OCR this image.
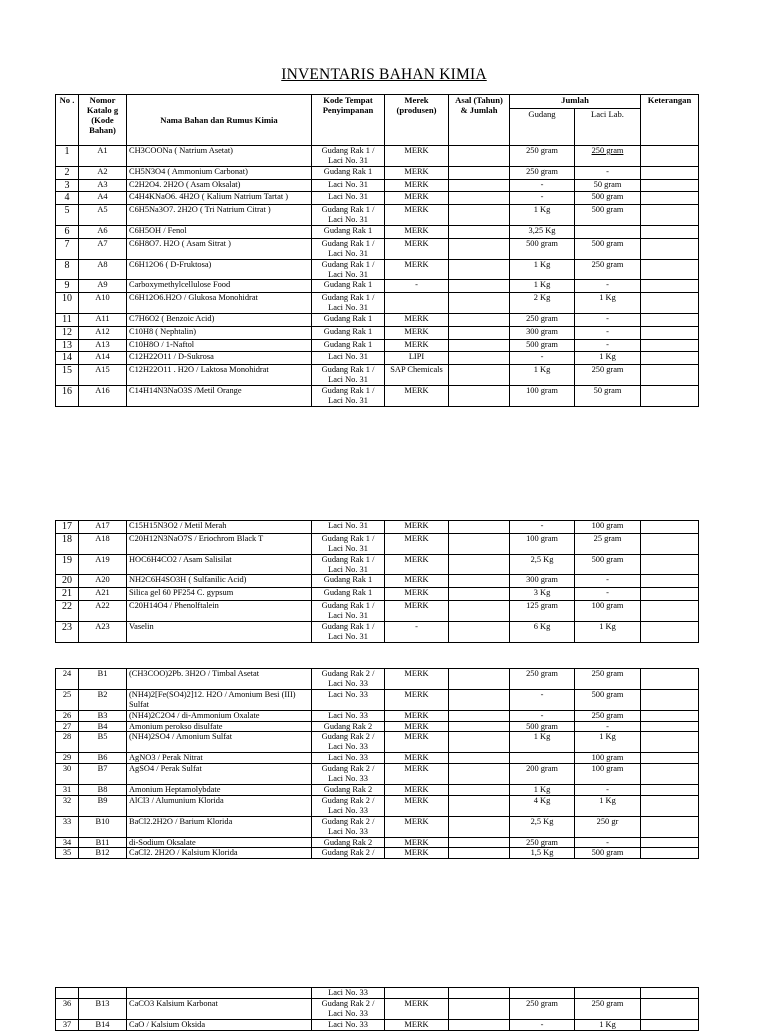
INVENTARIS BAHAN KIMIA
No .	Nomor Katalo g (Kode Bahan)	Nama Bahan dan Rumus Kimia	Kode Tempat Penyimpanan	Merek (produsen)	Asal (Tahun) & Jumlah	Jumlah		Keterangan
						Gudang	Laci Lab.	
1	A1	CH3COONa ( Natrium Asetat)	Gudang Rak 1 / Laci No. 31	MERK		250 gram	250 gram	
2	A2	CH5N3O4 ( Ammonium Carbonat)	Gudang Rak 1	MERK		250 gram	-	
3	A3	C2H2O4. 2H2O ( Asam Oksalat)	Laci No. 31	MERK		-	50 gram	
4	A4	C4H4KNaO6. 4H2O ( Kalium Natrium Tartat )	Laci No. 31	MERK		-	500 gram	
5	A5	C6H5Na3O7. 2H2O ( Tri Natrium Citrat )	Gudang Rak 1 / Laci No. 31	MERK		1 Kg	500 gram	
6	A6	C6H5OH / Fenol	Gudang Rak 1	MERK		3,25 Kg		
7	A7	C6H8O7. H2O ( Asam Sitrat )	Gudang Rak 1 / Laci No. 31	MERK		500 gram	500 gram	
8	A8	C6H12O6 ( D-Fruktosa)	Gudang Rak 1 / Laci No. 31	MERK		1 Kg	250 gram	
9	A9	Carboxymethylcellulose Food	Gudang Rak 1	-		1 Kg	-	
10	A10	C6H12O6.H2O / Glukosa Monohidrat	Gudang Rak 1 / Laci No. 31			2 Kg	1 Kg	
11	A11	C7H6O2 ( Benzoic Acid)	Gudang Rak 1	MERK		250 gram	-	
12	A12	C10H8 ( Nephtalin)	Gudang Rak 1	MERK		300 gram	-	
13	A13	C10H8O / 1-Naftol	Gudang Rak 1	MERK		500 gram	-	
14	A14	C12H22O11 / D-Sukrosa	Laci No. 31	LIPI		-	1 Kg	
15	A15	C12H22O11 . H2O / Laktosa Monohidrat	Gudang Rak 1 / Laci No. 31	SAP Chemicals		1 Kg	250 gram	
16	A16	C14H14N3NaO3S /Metil Orange	Gudang Rak 1 / Laci No. 31	MERK		100 gram	50 gram	
17	A17	C15H15N3O2 / Metil Merah	Laci No. 31	MERK		-	100 gram	
18	A18	C20H12N3NaO7S / Eriochrom Black T	Gudang Rak 1 / Laci No. 31	MERK		100 gram	25 gram	
19	A19	HOC6H4CO2 / Asam Salisilat	Gudang Rak 1 / Laci No. 31	MERK		2,5 Kg	500 gram	
20	A20	NH2C6H4SO3H ( Sulfanilic Acid)	Gudang Rak 1	MERK		300 gram	-	
21	A21	Silica gel 60 PF254 C. gypsum	Gudang Rak 1	MERK		3 Kg	-	
22	A22	C20H14O4 / Phenolftalein	Gudang Rak 1 / Laci No. 31	MERK		125 gram	100 gram	
23	A23	Vaselin	Gudang Rak 1 / Laci No. 31	-		6 Kg	1 Kg	
24	B1	(CH3COO)2Pb. 3H2O / Timbal Asetat	Gudang Rak 2 / Laci No. 33	MERK		250 gram	250 gram	
25	B2	(NH4)2[Fe(SO4)2]12. H2O / Amonium Besi (III) Sulfat	Laci No. 33	MERK		-	500 gram	
26	B3	(NH4)2C2O4 / di-Ammonium Oxalate	Laci No. 33	MERK		-	250 gram	
27	B4	Amonium perokso disulfate	Gudang Rak 2	MERK		500 gram	-	
28	B5	(NH4)2SO4 / Amonium Sulfat	Gudang Rak 2 / Laci No. 33	MERK		1 Kg	1 Kg	
29	B6	AgNO3 / Perak Nitrat	Laci No. 33	MERK			100 gram	
30	B7	AgSO4 / Perak Sulfat	Gudang Rak 2 / Laci No. 33	MERK		200 gram	100 gram	
31	B8	Amonium Heptamolybdate	Gudang Rak 2	MERK		1 Kg	-	
32	B9	AlCl3 / Alumunium Klorida	Gudang Rak 2 / Laci No. 33	MERK		4 Kg	1 Kg	
33	B10	BaCl2.2H2O / Barium Klorida	Gudang Rak 2 / Laci No. 33	MERK		2,5 Kg	250 gr	
34	B11	di-Sodium Oksalate	Gudang Rak 2	MERK		250 gram	-	
35	B12	CaCl2. 2H2O / Kalsium Klorida	Gudang Rak 2 /	MERK		1,5 Kg	500 gram	
			Laci No. 33					
36	B13	CaCO3 Kalsium Karbonat	Gudang Rak 2 / Laci No. 33	MERK		250 gram	250 gram	
37	B14	CaO / Kalsium Oksida	Laci No. 33	MERK		-	1 Kg	
